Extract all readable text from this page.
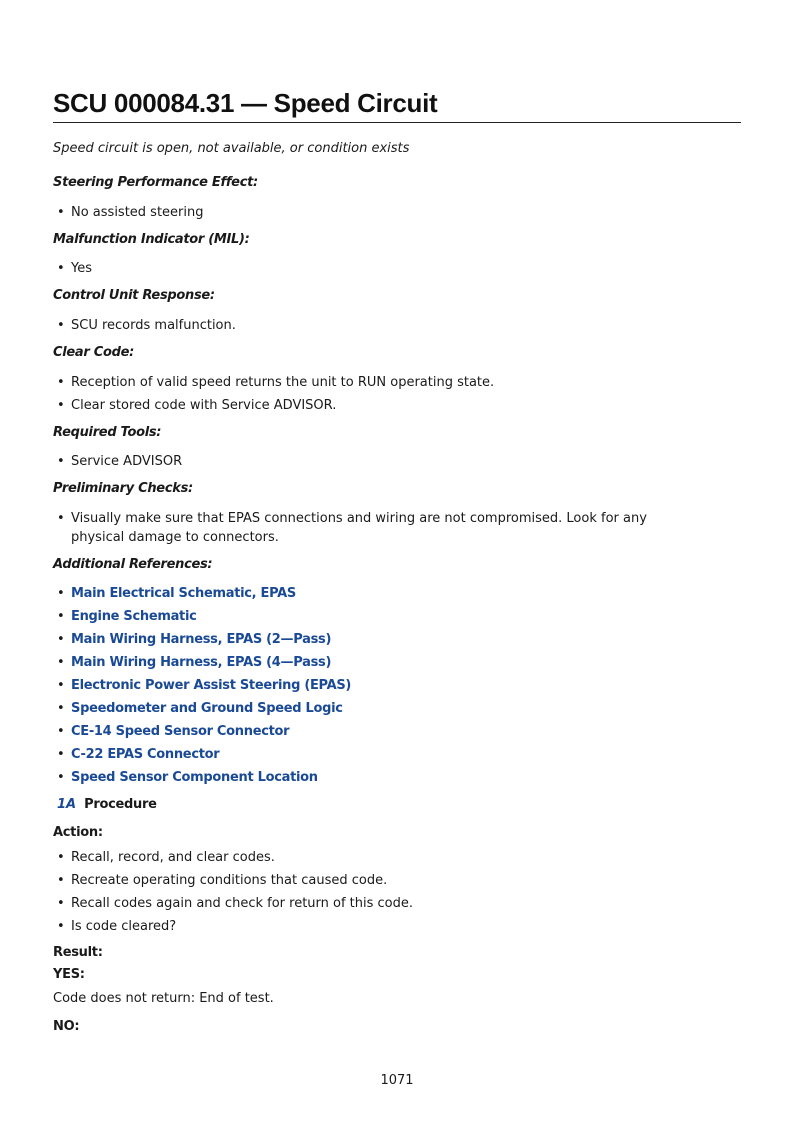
SCU 000084.31 — Speed Circuit
Speed circuit is open, not available, or condition exists
Steering Performance Effect:
• No assisted steering
Malfunction Indicator (MIL):
• Yes
Control Unit Response:
• SCU records malfunction.
Clear Code:
• Reception of valid speed returns the unit to RUN operating state.
• Clear stored code with Service ADVISOR.
Required Tools:
• Service ADVISOR
Preliminary Checks:
• Visually make sure that EPAS connections and wiring are not compromised. Look for any physical damage to connectors.
Additional References:
• Main Electrical Schematic, EPAS
• Engine Schematic
• Main Wiring Harness, EPAS (2—Pass)
• Main Wiring Harness, EPAS (4—Pass)
• Electronic Power Assist Steering (EPAS)
• Speedometer and Ground Speed Logic
• CE-14 Speed Sensor Connector
• C-22 EPAS Connector
• Speed Sensor Component Location
1A Procedure
Action:
• Recall, record, and clear codes.
• Recreate operating conditions that caused code.
• Recall codes again and check for return of this code.
• Is code cleared?
Result:
YES:
Code does not return: End of test.
NO:
1071
